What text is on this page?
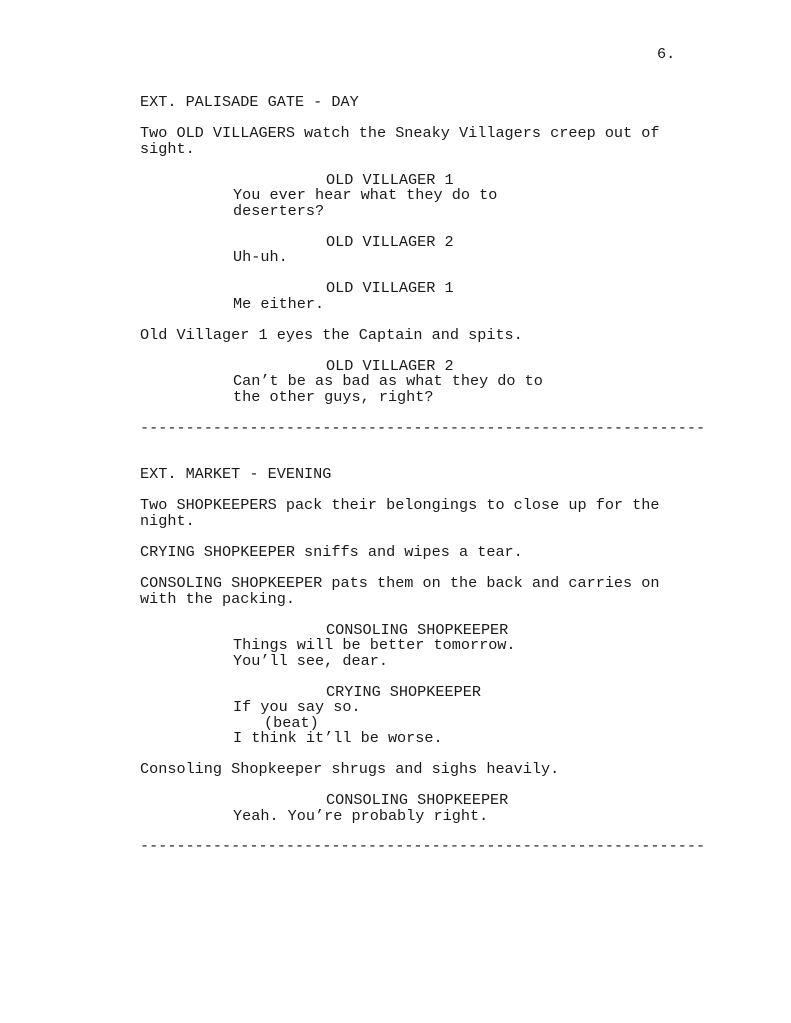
6.
EXT. PALISADE GATE - DAY
Two OLD VILLAGERS watch the Sneaky Villagers creep out of
sight.
OLD VILLAGER 1
You ever hear what they do to
deserters?
OLD VILLAGER 2
Uh-uh.
OLD VILLAGER 1
Me either.
Old Villager 1 eyes the Captain and spits.
OLD VILLAGER 2
Can’t be as bad as what they do to
the other guys, right?
--------------------------------------------------------------
EXT. MARKET - EVENING
Two SHOPKEEPERS pack their belongings to close up for the
night.
CRYING SHOPKEEPER sniffs and wipes a tear.
CONSOLING SHOPKEEPER pats them on the back and carries on
with the packing.
CONSOLING SHOPKEEPER
Things will be better tomorrow.
You’ll see, dear.
CRYING SHOPKEEPER
If you say so.
(beat)
I think it’ll be worse.
Consoling Shopkeeper shrugs and sighs heavily.
CONSOLING SHOPKEEPER
Yeah. You’re probably right.
--------------------------------------------------------------
